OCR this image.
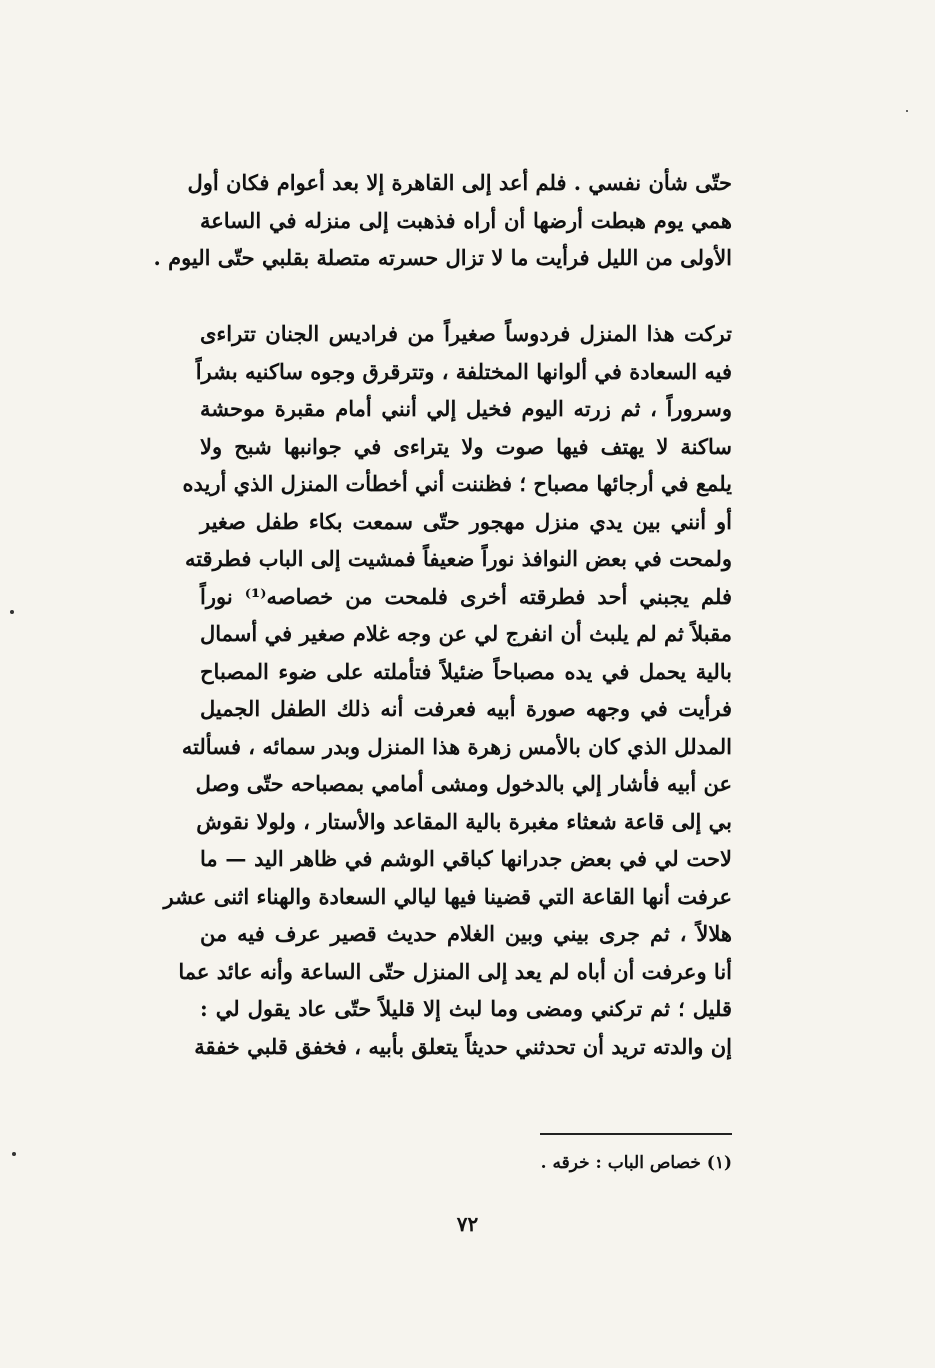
حتّى شأن نفسي . فلم أعد إلى القاهرة إلا بعد أعوام فكان أول
همي يوم هبطت أرضها أن أراه فذهبت إلى منزله في الساعة
الأولى من الليل فرأيت ما لا تزال حسرته متصلة بقلبي حتّى اليوم .
تركت هذا المنزل فردوساً صغيراً من فراديس الجنان تتراءى
فيه السعادة في ألوانها المختلفة ، وتترقرق وجوه ساكنيه بشراً
وسروراً ، ثم زرته اليوم فخيل إلي أنني أمام مقبرة موحشة
ساكنة لا يهتف فيها صوت ولا يتراءى في جوانبها شبح ولا
يلمع في أرجائها مصباح ؛ فظننت أني أخطأت المنزل الذي أريده
أو أنني بين يدي منزل مهجور حتّى سمعت بكاء طفل صغير
ولمحت في بعض النوافذ نوراً ضعيفاً فمشيت إلى الباب فطرقته
فلم يجبني أحد فطرقته أخرى فلمحت من خصاصه⁽¹⁾ نوراً
مقبلاً ثم لم يلبث أن انفرج لي عن وجه غلام صغير في أسمال
بالية يحمل في يده مصباحاً ضئيلاً فتأملته على ضوء المصباح
فرأيت في وجهه صورة أبيه فعرفت أنه ذلك الطفل الجميل
المدلل الذي كان بالأمس زهرة هذا المنزل وبدر سمائه ، فسألته
عن أبيه فأشار إلي بالدخول ومشى أمامي بمصباحه حتّى وصل
بي إلى قاعة شعثاء مغبرة بالية المقاعد والأستار ، ولولا نقوش
لاحت لي في بعض جدرانها كباقي الوشم في ظاهر اليد — ما
عرفت أنها القاعة التي قضينا فيها ليالي السعادة والهناء اثنى عشر
هلالاً ، ثم جرى بيني وبين الغلام حديث قصير عرف فيه من
أنا وعرفت أن أباه لم يعد إلى المنزل حتّى الساعة وأنه عائد عما
قليل ؛ ثم تركني ومضى وما لبث إلا قليلاً حتّى عاد يقول لي :
إن والدته تريد أن تحدثني حديثاً يتعلق بأبيه ، فخفق قلبي خفقة
(١) خصاص الباب : خرقه .
٧٢
